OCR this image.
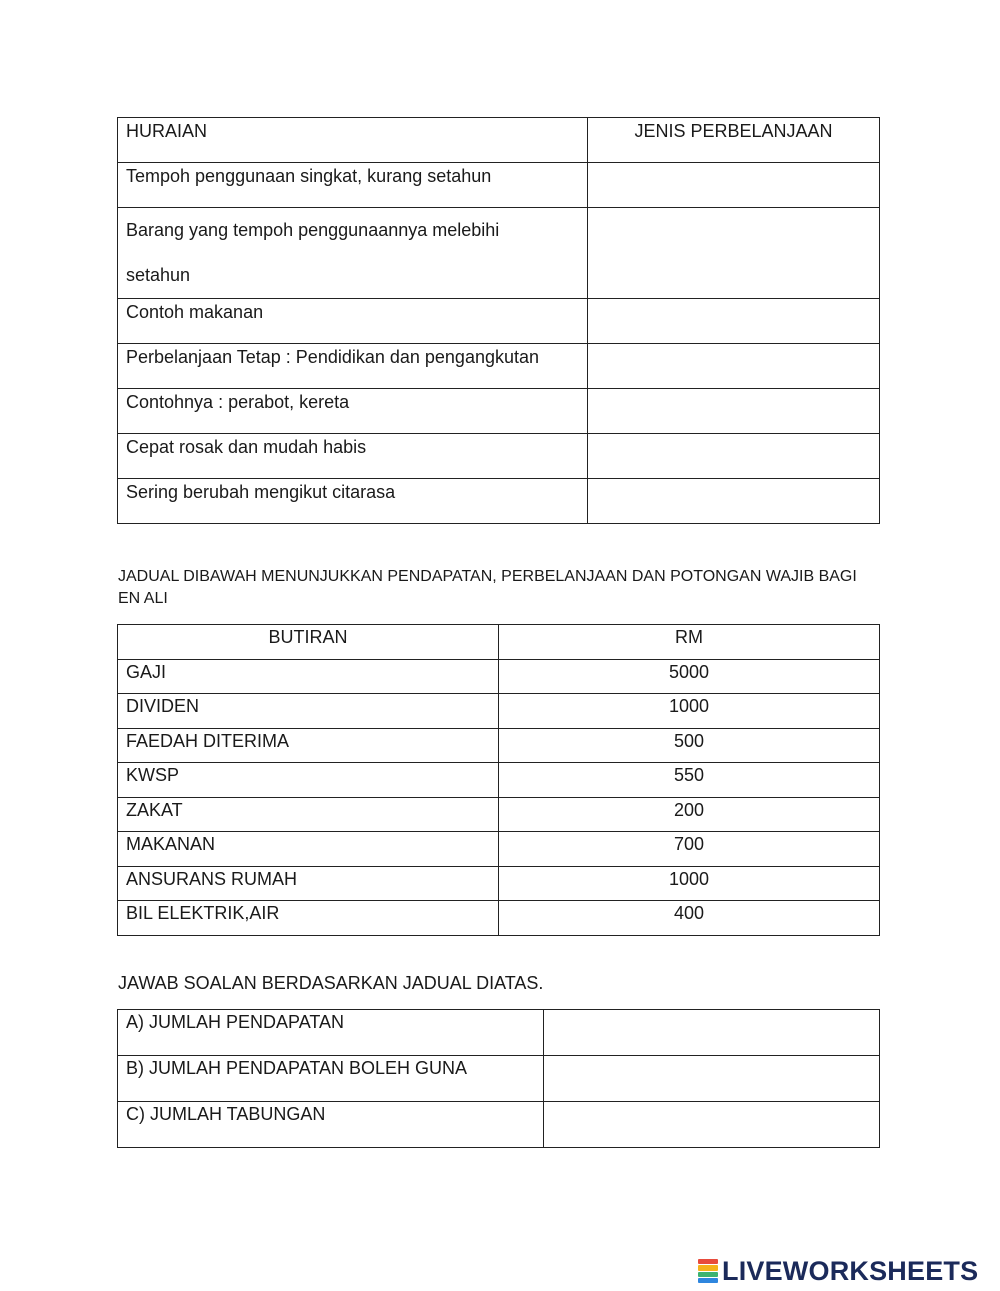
HURAIAN	JENIS PERBELANJAAN
Tempoh penggunaan singkat, kurang setahun	
Barang yang tempoh penggunaannya melebihi
setahun	
Contoh makanan	
Perbelanjaan Tetap : Pendidikan dan pengangkutan	
Contohnya : perabot, kereta	
Cepat rosak dan mudah habis	
Sering berubah mengikut citarasa	
JADUAL DIBAWAH MENUNJUKKAN PENDAPATAN, PERBELANJAAN DAN POTONGAN WAJIB BAGI EN ALI
BUTIRAN	RM
GAJI	5000
DIVIDEN	1000
FAEDAH DITERIMA	500
KWSP	550
ZAKAT	200
MAKANAN	700
ANSURANS RUMAH	1000
BIL ELEKTRIK,AIR	400
JAWAB SOALAN BERDASARKAN JADUAL DIATAS.
A) JUMLAH PENDAPATAN	
B) JUMLAH PENDAPATAN BOLEH GUNA	
C) JUMLAH TABUNGAN	
LIVEWORKSHEETS
